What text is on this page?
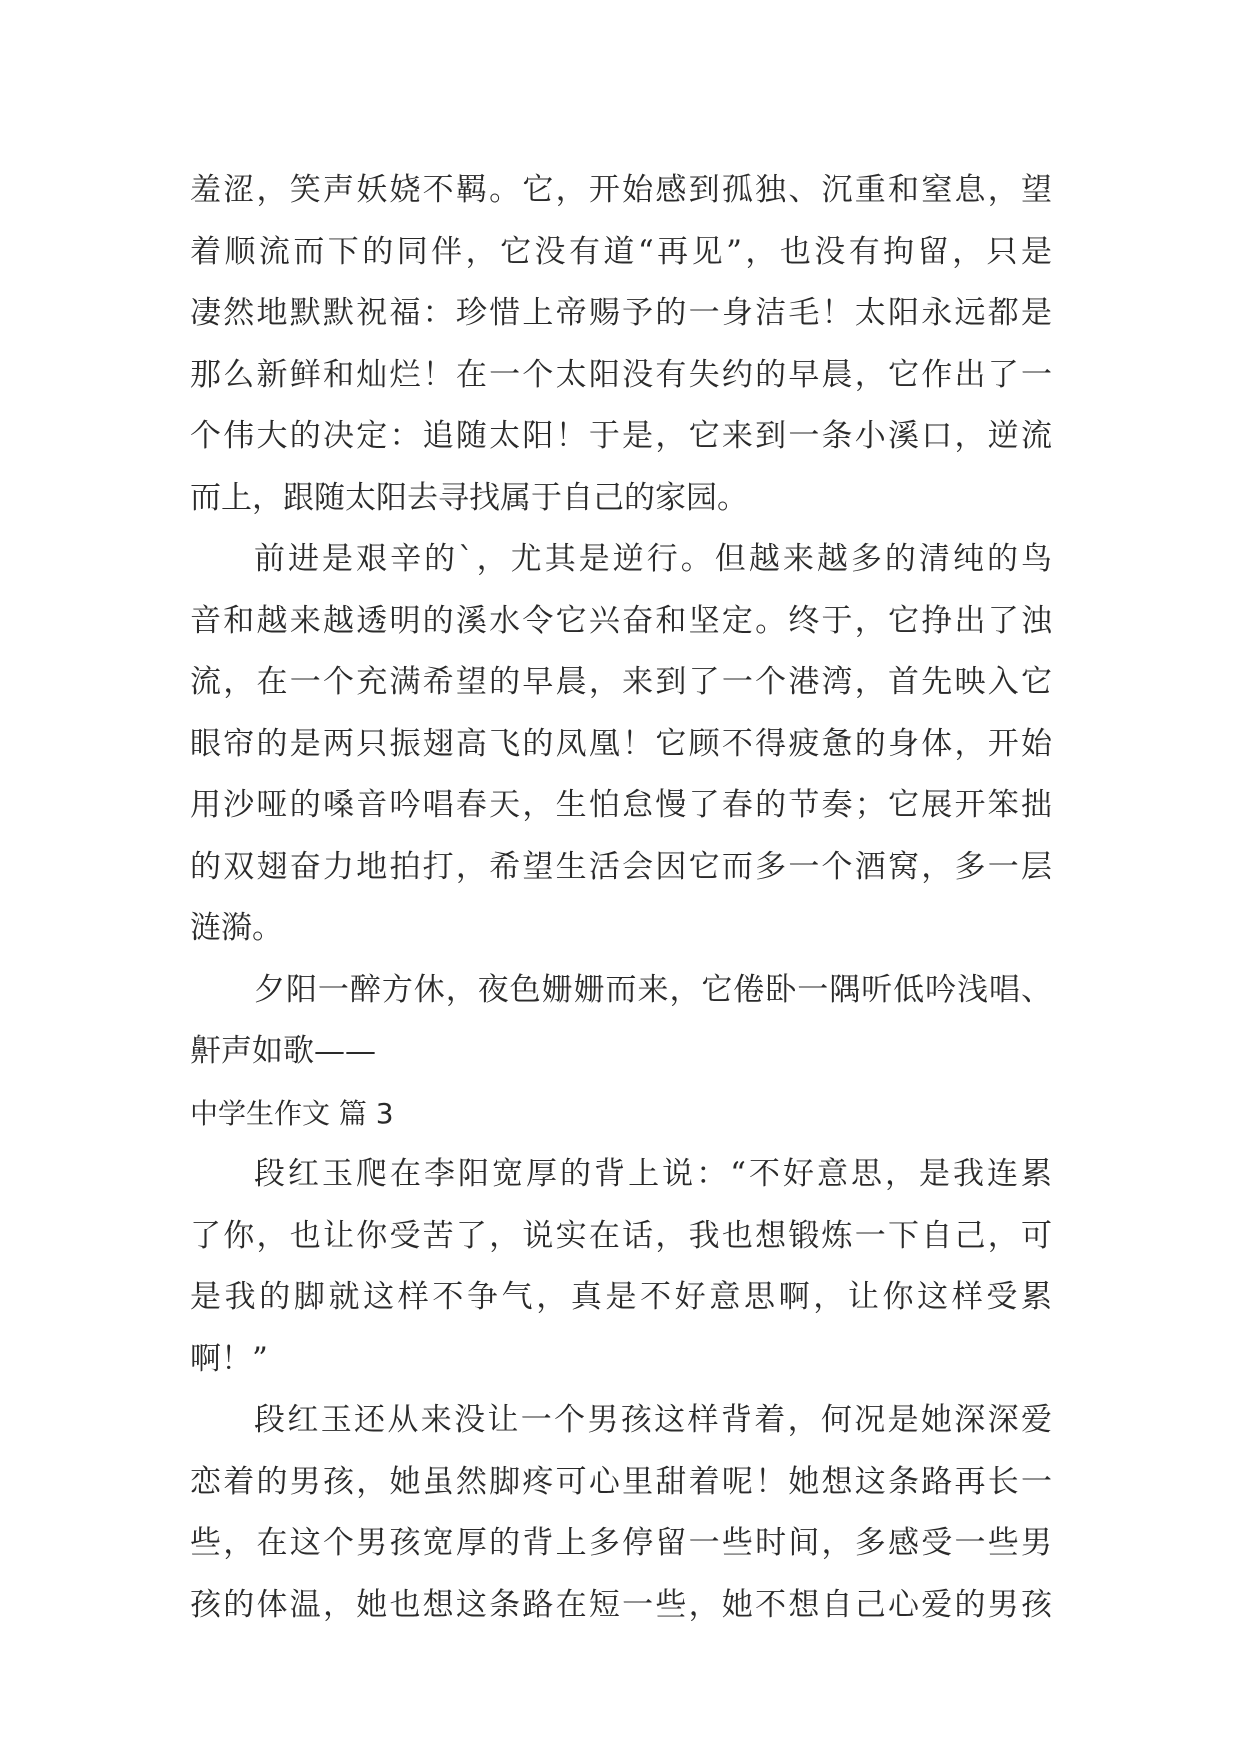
羞涩，笑声妖娆不羁。它，开始感到孤独、沉重和窒息，望
着顺流而下的同伴，它没有道“再见”，也没有拘留，只是
凄然地默默祝福：珍惜上帝赐予的一身洁毛！太阳永远都是
那么新鲜和灿烂！在一个太阳没有失约的早晨，它作出了一
个伟大的决定：追随太阳！于是，它来到一条小溪口，逆流
而上，跟随太阳去寻找属于自己的家园。
前进是艰辛的`，尤其是逆行。但越来越多的清纯的鸟
音和越来越透明的溪水令它兴奋和坚定。终于，它挣出了浊
流，在一个充满希望的早晨，来到了一个港湾，首先映入它
眼帘的是两只振翅高飞的凤凰！它顾不得疲惫的身体，开始
用沙哑的嗓音吟唱春天，生怕怠慢了春的节奏；它展开笨拙
的双翅奋力地拍打，希望生活会因它而多一个酒窝，多一层
涟漪。
夕阳一醉方休，夜色姗姗而来，它倦卧一隅听低吟浅唱、
鼾声如歌——
中学生作文 篇 3
段红玉爬在李阳宽厚的背上说：“不好意思，是我连累
了你，也让你受苦了，说实在话，我也想锻炼一下自己，可
是我的脚就这样不争气，真是不好意思啊，让你这样受累
啊！”
段红玉还从来没让一个男孩这样背着，何况是她深深爱
恋着的男孩，她虽然脚疼可心里甜着呢！她想这条路再长一
些，在这个男孩宽厚的背上多停留一些时间，多感受一些男
孩的体温，她也想这条路在短一些，她不想自己心爱的男孩
